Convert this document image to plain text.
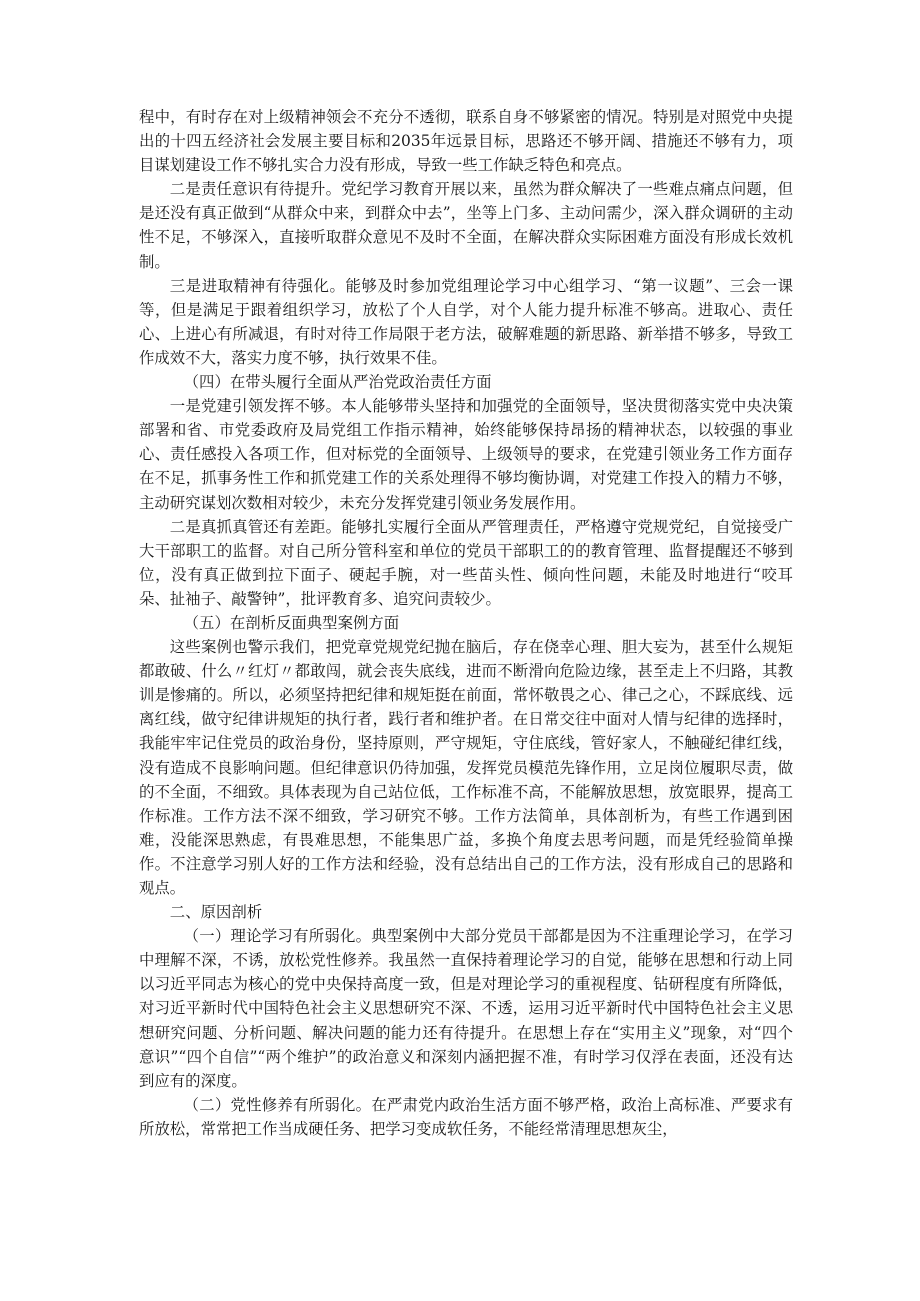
程中，有时存在对上级精神领会不充分不透彻，联系自身不够紧密的情况。特别是对照党中央提出的十四五经济社会发展主要目标和2035年远景目标，思路还不够开阔、措施还不够有力，项目谋划建设工作不够扎实合力没有形成，导致一些工作缺乏特色和亮点。

二是责任意识有待提升。党纪学习教育开展以来，虽然为群众解决了一些难点痛点问题，但是还没有真正做到“从群众中来，到群众中去”，坐等上门多、主动问需少，深入群众调研的主动性不足，不够深入，直接听取群众意见不及时不全面，在解决群众实际困难方面没有形成长效机制。

三是进取精神有待强化。能够及时参加党组理论学习中心组学习、“第一议题”、三会一课等，但是满足于跟着组织学习，放松了个人自学，对个人能力提升标准不够高。进取心、责任心、上进心有所减退，有时对待工作局限于老方法，破解难题的新思路、新举措不够多，导致工作成效不大，落实力度不够，执行效果不佳。

（四）在带头履行全面从严治党政治责任方面

一是党建引领发挥不够。本人能够带头坚持和加强党的全面领导，坚决贯彻落实党中央决策部署和省、市党委政府及局党组工作指示精神，始终能够保持昂扬的精神状态，以较强的事业心、责任感投入各项工作，但对标党的全面领导、上级领导的要求，在党建引领业务工作方面存在不足，抓事务性工作和抓党建工作的关系处理得不够均衡协调，对党建工作投入的精力不够，主动研究谋划次数相对较少，未充分发挥党建引领业务发展作用。

二是真抓真管还有差距。能够扎实履行全面从严管理责任，严格遵守党规党纪，自觉接受广大干部职工的监督。对自己所分管科室和单位的党员干部职工的的教育管理、监督提醒还不够到位，没有真正做到拉下面子、硬起手腕，对一些苗头性、倾向性问题，未能及时地进行“咬耳朵、扯袖子、敲警钟”，批评教育多、追究问责较少。

（五）在剖析反面典型案例方面

这些案例也警示我们，把党章党规党纪抛在脑后，存在侥幸心理、胆大妄为，甚至什么规矩都敢破、什么〃红灯〃都敢闯，就会丧失底线，进而不断滑向危险边缘，甚至走上不归路，其教训是惨痛的。所以，必须坚持把纪律和规矩挺在前面，常怀敬畏之心、律己之心，不踩底线、远离红线，做守纪律讲规矩的执行者，践行者和维护者。在日常交往中面对人情与纪律的选择时，我能牢牢记住党员的政治身份，坚持原则，严守规矩，守住底线，管好家人，不触碰纪律红线，没有造成不良影响问题。但纪律意识仍待加强，发挥党员模范先锋作用，立足岗位履职尽责，做的不全面，不细致。具体表现为自己站位低，工作标准不高，不能解放思想，放宽眼界，提高工作标准。工作方法不深不细致，学习研究不够。工作方法简单，具体剖析为，有些工作遇到困难，没能深思熟虑，有畏难思想，不能集思广益，多换个角度去思考问题，而是凭经验简单操作。不注意学习别人好的工作方法和经验，没有总结出自己的工作方法，没有形成自己的思路和观点。

二、原因剖析

（一）理论学习有所弱化。典型案例中大部分党员干部都是因为不注重理论学习，在学习中理解不深，不诱，放松党性修养。我虽然一直保持着理论学习的自觉，能够在思想和行动上同以习近平同志为核心的党中央保持高度一致，但是对理论学习的重视程度、钻研程度有所降低，对习近平新时代中国特色社会主义思想研究不深、不透，运用习近平新时代中国特色社会主义思想研究问题、分析问题、解决问题的能力还有待提升。在思想上存在“实用主义”现象，对“四个意识”“四个自信”“两个维护”的政治意义和深刻内涵把握不准，有时学习仅浮在表面，还没有达到应有的深度。

（二）党性修养有所弱化。在严肃党内政治生活方面不够严格，政治上高标准、严要求有所放松，常常把工作当成硬任务、把学习变成软任务，不能经常清理思想灰尘，
